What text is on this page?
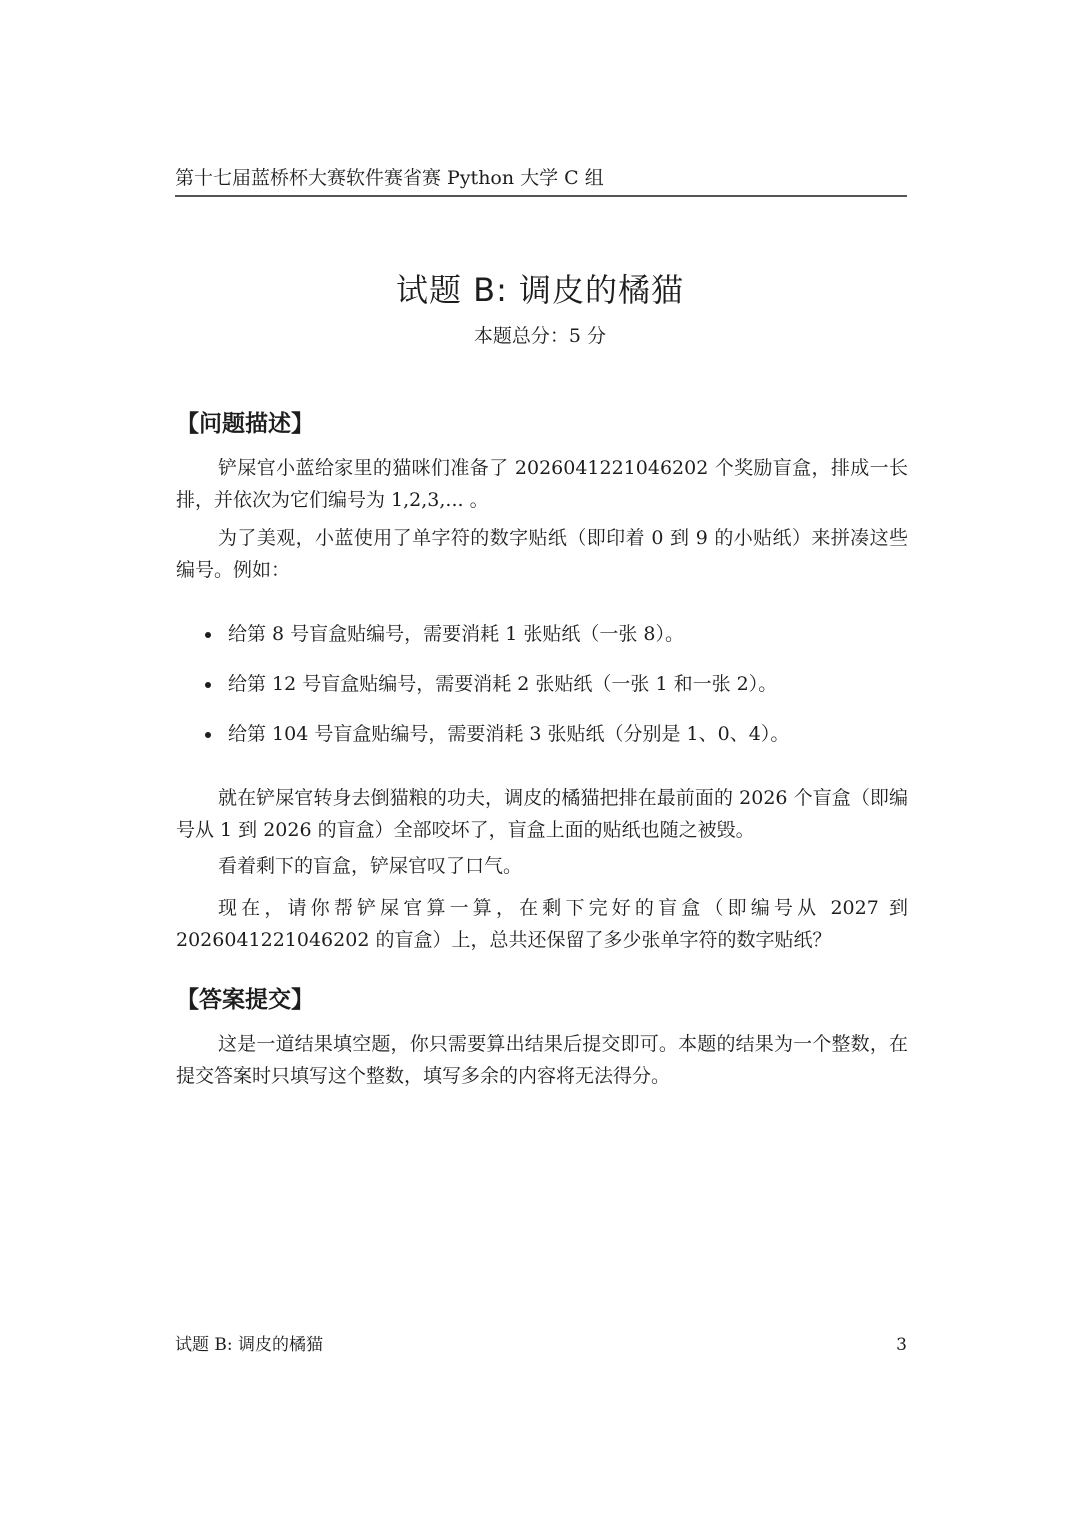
第十七届蓝桥杯大赛软件赛省赛 Python 大学 C 组
试题 B: 调皮的橘猫
本题总分：5 分
【问题描述】
铲屎官小蓝给家里的猫咪们准备了 2026041221046202 个奖励盲盒，排成一长排，并依次为它们编号为 1,2,3,... 。
为了美观，小蓝使用了单字符的数字贴纸（即印着 0 到 9 的小贴纸）来拼凑这些编号。例如：
给第 8 号盲盒贴编号，需要消耗 1 张贴纸（一张 8）。
给第 12 号盲盒贴编号，需要消耗 2 张贴纸（一张 1 和一张 2）。
给第 104 号盲盒贴编号，需要消耗 3 张贴纸（分别是 1、0、4）。
就在铲屎官转身去倒猫粮的功夫，调皮的橘猫把排在最前面的 2026 个盲盒（即编号从 1 到 2026 的盲盒）全部咬坏了，盲盒上面的贴纸也随之被毁。
看着剩下的盲盒，铲屎官叹了口气。
现在，请你帮铲屎官算一算，在剩下完好的盲盒（即编号从 2027 到 2026041221046202 的盲盒）上，总共还保留了多少张单字符的数字贴纸？
【答案提交】
这是一道结果填空题，你只需要算出结果后提交即可。本题的结果为一个整数，在提交答案时只填写这个整数，填写多余的内容将无法得分。
试题 B: 调皮的橘猫	3
